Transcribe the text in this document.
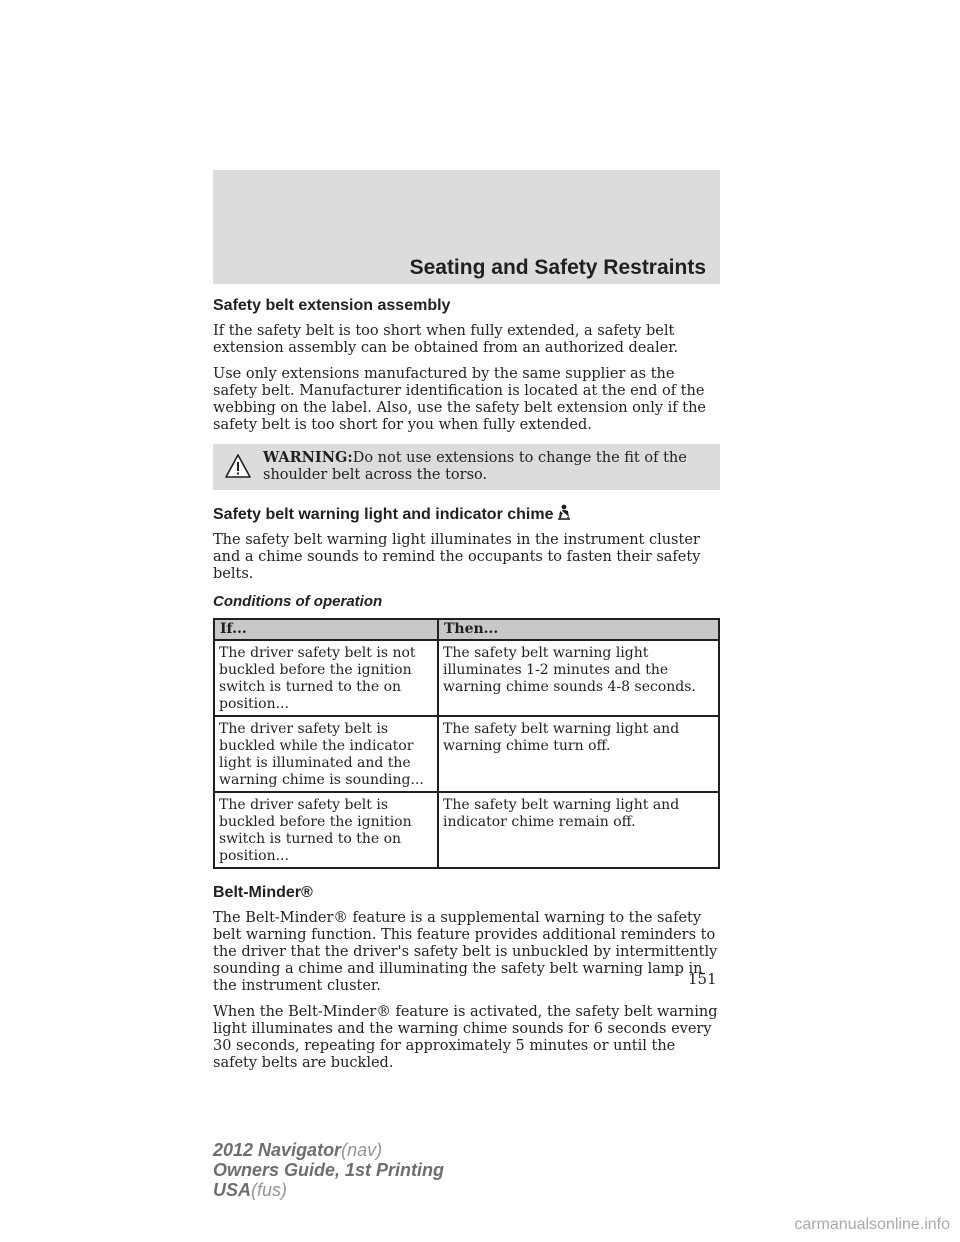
Seating and Safety Restraints
Safety belt extension assembly

If the safety belt is too short when fully extended, a safety belt extension assembly can be obtained from an authorized dealer.

Use only extensions manufactured by the same supplier as the safety belt. Manufacturer identification is located at the end of the webbing on the label. Also, use the safety belt extension only if the safety belt is too short for you when fully extended.

WARNING:Do not use extensions to change the fit of the shoulder belt across the torso.
Safety belt warning light and indicator chime

The safety belt warning light illuminates in the instrument cluster and a chime sounds to remind the occupants to fasten their safety belts.

Conditions of operation
If...	Then...
The driver safety belt is not buckled before the ignition switch is turned to the on position...	The safety belt warning light illuminates 1-2 minutes and the warning chime sounds 4-8 seconds.
The driver safety belt is buckled while the indicator light is illuminated and the warning chime is sounding...	The safety belt warning light and warning chime turn off.
The driver safety belt is buckled before the ignition switch is turned to the on position...	The safety belt warning light and indicator chime remain off.
Belt-Minder®

The Belt-Minder® feature is a supplemental warning to the safety belt warning function. This feature provides additional reminders to the driver that the driver's safety belt is unbuckled by intermittently sounding a chime and illuminating the safety belt warning lamp in the instrument cluster.

When the Belt-Minder® feature is activated, the safety belt warning light illuminates and the warning chime sounds for 6 seconds every 30 seconds, repeating for approximately 5 minutes or until the safety belts are buckled.

151
2012 Navigator(nav)
Owners Guide, 1st Printing
USA(fus)
carmanualsonline.info
